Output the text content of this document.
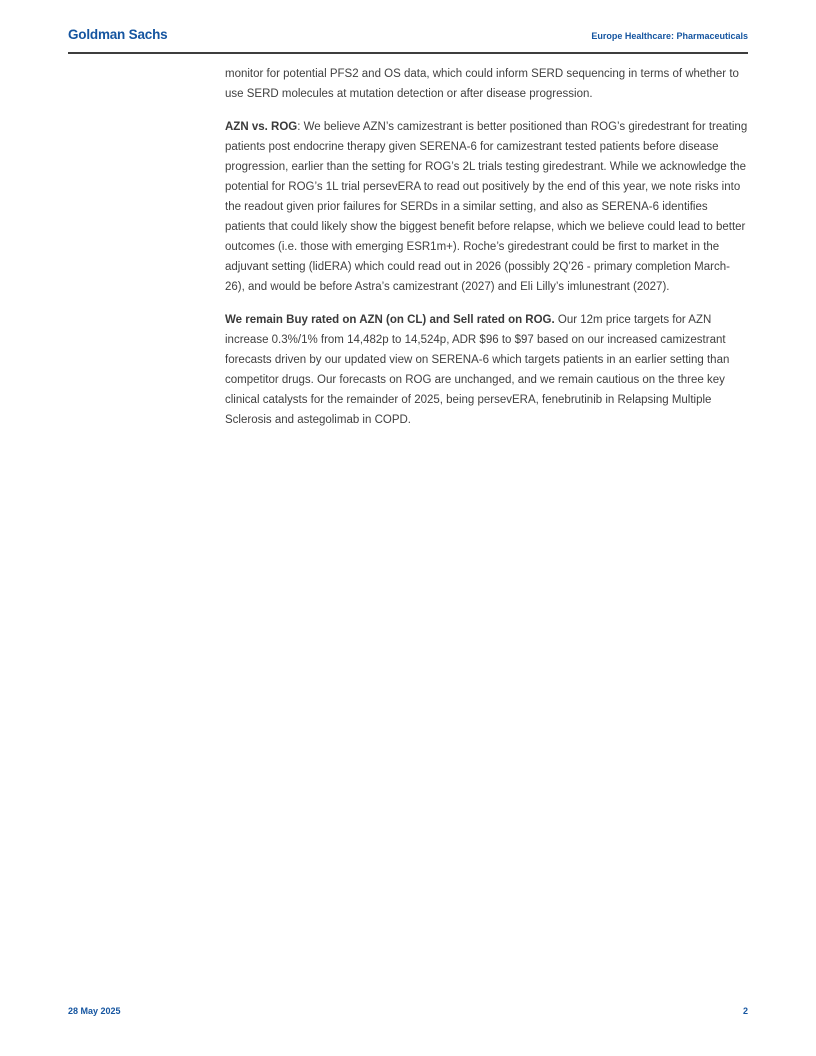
Goldman Sachs	Europe Healthcare: Pharmaceuticals

monitor for potential PFS2 and OS data, which could inform SERD sequencing in terms of whether to use SERD molecules at mutation detection or after disease progression.

AZN vs. ROG: We believe AZN’s camizestrant is better positioned than ROG’s giredestrant for treating patients post endocrine therapy given SERENA-6 for camizestrant tested patients before disease progression, earlier than the setting for ROG’s 2L trials testing giredestrant. While we acknowledge the potential for ROG’s 1L trial persevERA to read out positively by the end of this year, we note risks into the readout given prior failures for SERDs in a similar setting, and also as SERENA-6 identifies patients that could likely show the biggest benefit before relapse, which we believe could lead to better outcomes (i.e. those with emerging ESR1m+). Roche’s giredestrant could be first to market in the adjuvant setting (lidERA) which could read out in 2026 (possibly 2Q’26 - primary completion March-26), and would be before Astra’s camizestrant (2027) and Eli Lilly’s imlunestrant (2027).

We remain Buy rated on AZN (on CL) and Sell rated on ROG. Our 12m price targets for AZN increase 0.3%/1% from 14,482p to 14,524p, ADR $96 to $97 based on our increased camizestrant forecasts driven by our updated view on SERENA-6 which targets patients in an earlier setting than competitor drugs. Our forecasts on ROG are unchanged, and we remain cautious on the three key clinical catalysts for the remainder of 2025, being persevERA, fenebrutinib in Relapsing Multiple Sclerosis and astegolimab in COPD.

28 May 2025	2
